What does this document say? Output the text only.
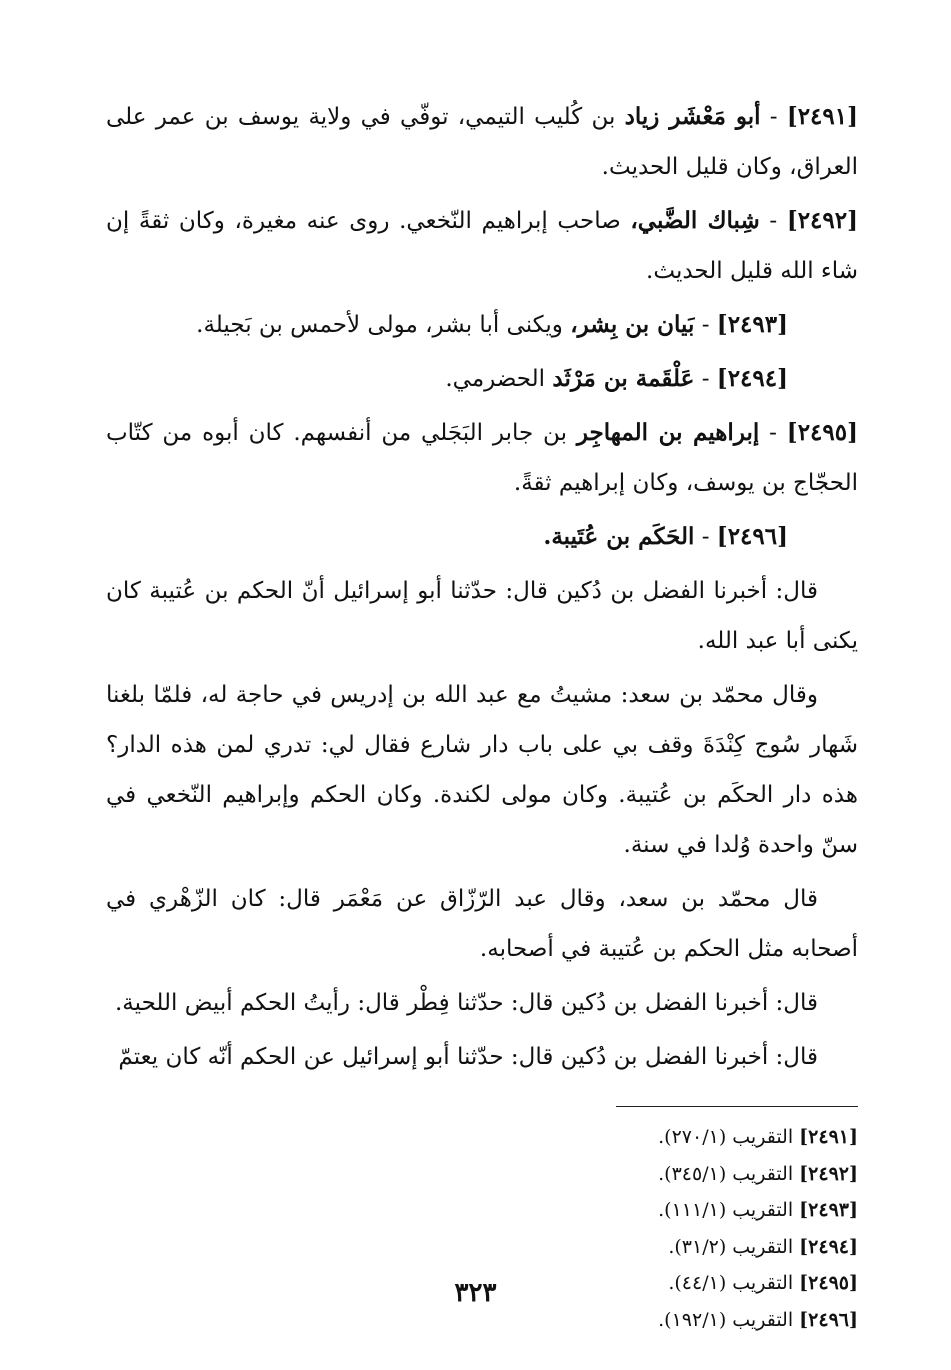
[٢٤٩١] - أبو مَعْشَر زياد بن كُليب التيمي، توفّي في ولاية يوسف بن عمر على العراق، وكان قليل الحديث.
[٢٤٩٢] - شِباك الضَّبي، صاحب إبراهيم النّخعي. روى عنه مغيرة، وكان ثقةً إن شاء الله قليل الحديث.
[٢٤٩٣] - بَيان بن بِشر، ويكنى أبا بشر، مولى لأحمس بن بَجيلة.
[٢٤٩٤] - عَلْقَمة بن مَرْثَد الحضرمي.
[٢٤٩٥] - إبراهيم بن المهاجِر بن جابر البَجَلي من أنفسهم. كان أبوه من كتّاب الحجّاج بن يوسف، وكان إبراهيم ثقةً.
[٢٤٩٦] - الحَكَم بن عُتَيبة.

قال: أخبرنا الفضل بن دُكين قال: حدّثنا أبو إسرائيل أنّ الحكم بن عُتيبة كان يكنى أبا عبد الله.

وقال محمّد بن سعد: مشيتُ مع عبد الله بن إدريس في حاجة له، فلمّا بلغنا شَهار سُوج كِنْدَةَ وقف بي على باب دار شارع فقال لي: تدري لمن هذه الدار؟ هذه دار الحكَم بن عُتيبة. وكان مولى لكندة. وكان الحكم وإبراهيم النّخعي في سنّ واحدة وُلدا في سنة.

قال محمّد بن سعد، وقال عبد الرّزّاق عن مَعْمَر قال: كان الزّهْري في أصحابه مثل الحكم بن عُتيبة في أصحابه.

قال: أخبرنا الفضل بن دُكين قال: حدّثنا فِطْر قال: رأيتُ الحكم أبيض اللحية.

قال: أخبرنا الفضل بن دُكين قال: حدّثنا أبو إسرائيل عن الحكم أنّه كان يعتمّ

[٢٤٩١] التقريب (٢٧٠/١).
[٢٤٩٢] التقريب (٣٤٥/١).
[٢٤٩٣] التقريب (١١١/١).
[٢٤٩٤] التقريب (٣١/٢).
[٢٤٩٥] التقريب (٤٤/١).
[٢٤٩٦] التقريب (١٩٢/١).
٣٢٣
